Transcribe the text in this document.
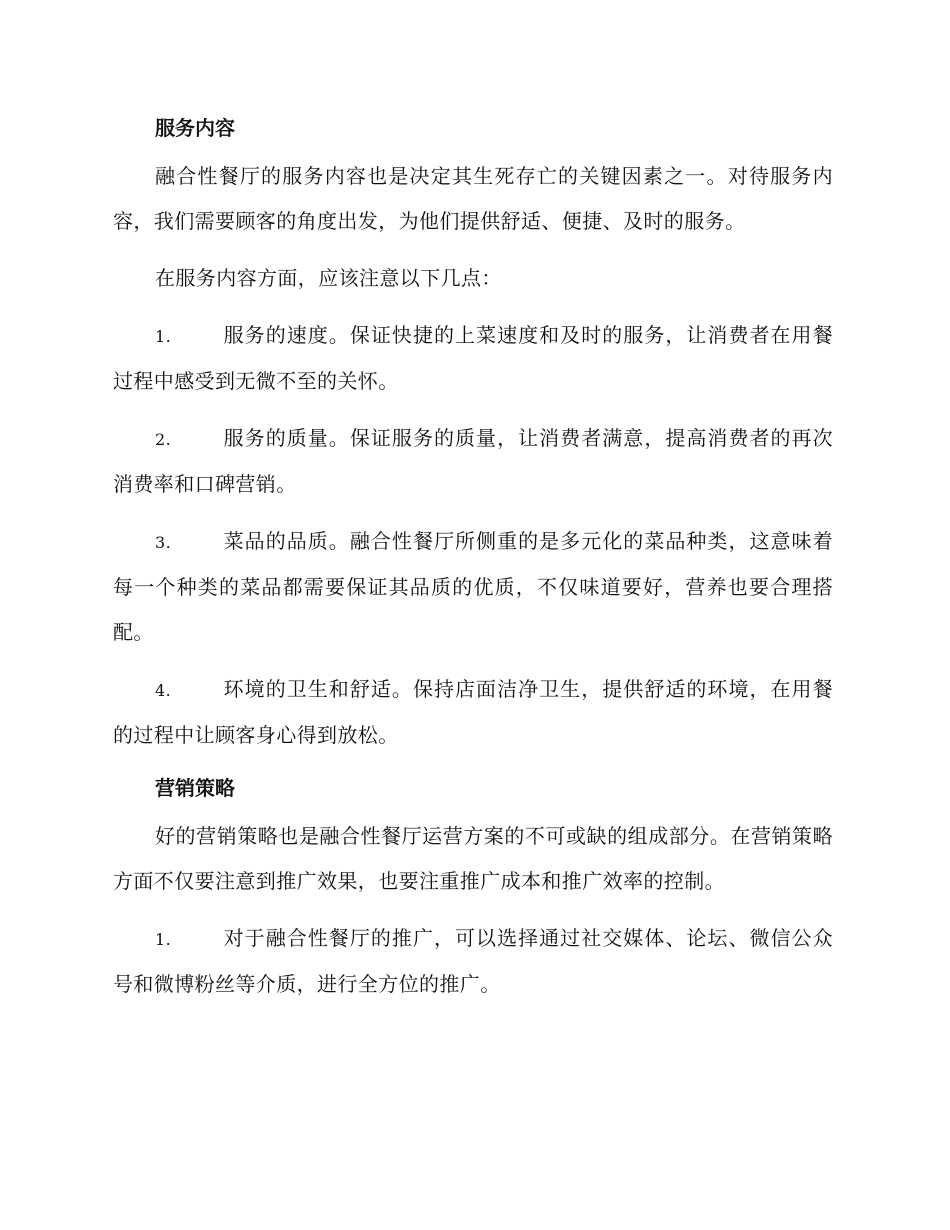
服务内容

融合性餐厅的服务内容也是决定其生死存亡的关键因素之一。对待服务内容，我们需要顾客的角度出发，为他们提供舒适、便捷、及时的服务。

在服务内容方面，应该注意以下几点：

1.	服务的速度。保证快捷的上菜速度和及时的服务，让消费者在用餐过程中感受到无微不至的关怀。

2.	服务的质量。保证服务的质量，让消费者满意，提高消费者的再次消费率和口碑营销。

3.	菜品的品质。融合性餐厅所侧重的是多元化的菜品种类，这意味着每一个种类的菜品都需要保证其品质的优质，不仅味道要好，营养也要合理搭配。

4.	环境的卫生和舒适。保持店面洁净卫生，提供舒适的环境，在用餐的过程中让顾客身心得到放松。

营销策略

好的营销策略也是融合性餐厅运营方案的不可或缺的组成部分。在营销策略方面不仅要注意到推广效果，也要注重推广成本和推广效率的控制。

1.	对于融合性餐厅的推广，可以选择通过社交媒体、论坛、微信公众号和微博粉丝等介质，进行全方位的推广。
